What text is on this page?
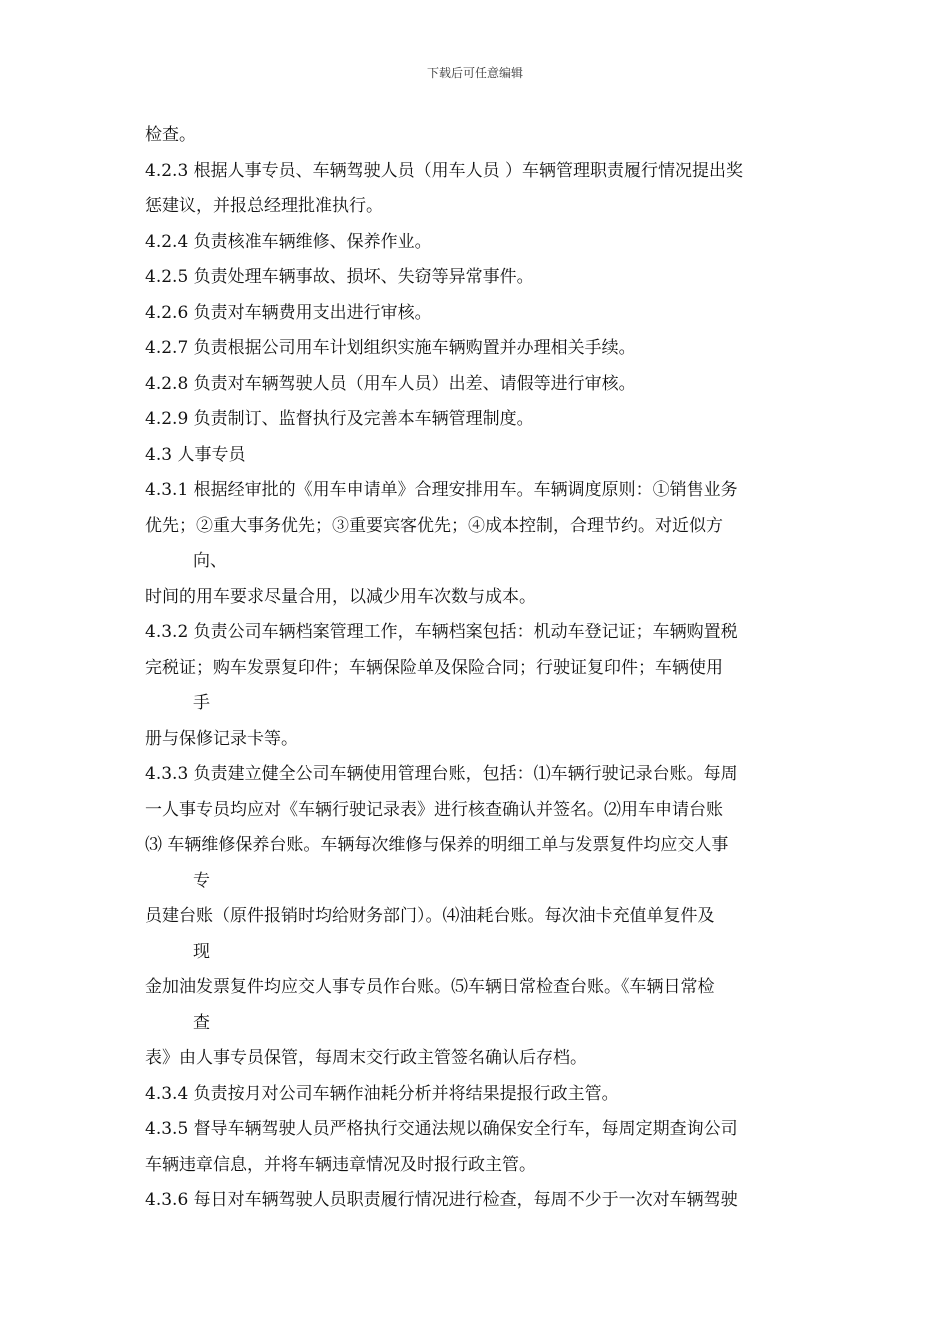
下载后可任意编辑
检查。
4.2.3 根据人事专员、车辆驾驶人员（用车人员 ）车辆管理职责履行情况提出奖
惩建议，并报总经理批准执行。
4.2.4 负责核准车辆维修、保养作业。
4.2.5 负责处理车辆事故、损坏、失窃等异常事件。
4.2.6 负责对车辆费用支出进行审核。
4.2.7 负责根据公司用车计划组织实施车辆购置并办理相关手续。
4.2.8 负责对车辆驾驶人员（用车人员）出差、请假等进行审核。
4.2.9 负责制订、监督执行及完善本车辆管理制度。
4.3 人事专员
4.3.1 根据经审批的《用车申请单》合理安排用车。车辆调度原则：①销售业务
优先；②重大事务优先；③重要宾客优先；④成本控制，合理节约。对近似方
向、
时间的用车要求尽量合用，以减少用车次数与成本。
4.3.2 负责公司车辆档案管理工作，车辆档案包括：机动车登记证；车辆购置税
完税证；购车发票复印件；车辆保险单及保险合同；行驶证复印件；车辆使用
手
册与保修记录卡等。
4.3.3 负责建立健全公司车辆使用管理台账，包括：⑴车辆行驶记录台账。每周
一人事专员均应对《车辆行驶记录表》进行核查确认并签名。⑵用车申请台账
⑶ 车辆维修保养台账。车辆每次维修与保养的明细工单与发票复件均应交人事
专
员建台账（原件报销时均给财务部门）。⑷油耗台账。每次油卡充值单复件及
现
金加油发票复件均应交人事专员作台账。⑸车辆日常检查台账。《车辆日常检
查
表》由人事专员保管，每周末交行政主管签名确认后存档。
4.3.4 负责按月对公司车辆作油耗分析并将结果提报行政主管。
4.3.5 督导车辆驾驶人员严格执行交通法规以确保安全行车，每周定期查询公司
车辆违章信息，并将车辆违章情况及时报行政主管。
4.3.6 每日对车辆驾驶人员职责履行情况进行检查，每周不少于一次对车辆驾驶
